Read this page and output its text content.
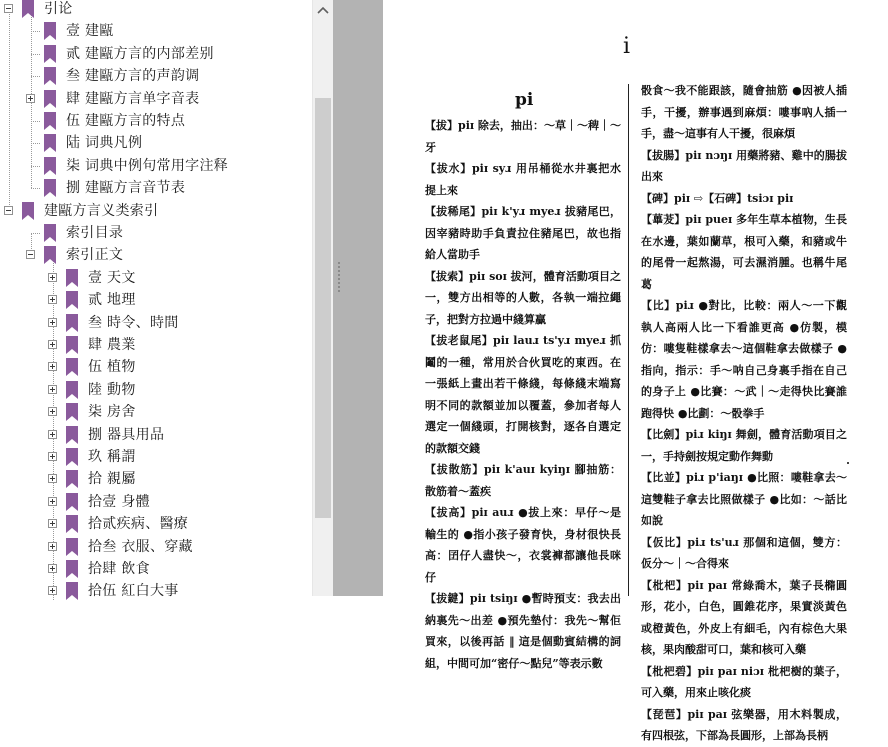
引论
壹 建甌
贰 建甌方言的内部差别
叁 建甌方言的声韵调
肆 建甌方言单字音表
伍 建甌方言的特点
陆 词典凡例
柒 词典中例句常用字注释
捌 建甌方言音节表
建甌方言义类索引
索引目录
索引正文
壹 天文
贰 地理
叁 時令、時間
肆 農業
伍 植物
陸 動物
柒 房舍
捌 器具用品
玖 稱謂
拾 親屬
拾壹 身體
拾贰疾病、醫療
拾叁 衣服、穿藏
拾肆 飲食
拾伍 紅白大事
i
pi

【拔】piɪ 除去，抽出：～草｜～稗｜～牙

【拔水】piɪ syɹ 用吊桶從水井裏把水提上來

【拔稀尾】piɪ k'yɹ myeɹ 拔豬尾巴，因宰豬時助手負責拉住豬尾巴，故也指給人當助手

【拔索】piɪ soɪ 拔河，體育活動項目之一，雙方出相等的人數，各執一端拉繩子，把對方拉過中綫算贏

【拔老鼠尾】piɪ lauɹ ts'yɹ myeɹ 抓鬮的一種，常用於合伙買吃的東西。在一張紙上畫出若干條綫，每條綫末端寫明不同的款額並加以覆蓋，參加者每人選定一個綫頭，打開核對，逐各自選定的款額交錢

【拔散筋】piɪ k'auɪ kyiŋɪ 腳抽筋：散筋着～蓋疾

【拔高】piɪ auɹ ●拔上來：早仔～是輸生的 ●指小孩子發育快，身材很快長高：囝仔人盡快～，衣裳褲都讓他長咪仔

【拔鍵】piɪ tsiŋɪ ●暫時預支：我去出納裏先～出差 ●預先墊付：我先～幫佢買來，以後再話 ‖ 這是個動賓結構的詞組，中間可加“密仔～點兒”等表示數

骰食～我不能跟該，隨會抽筋 ●因被人插手，干擾，辦事遇到麻煩：嘍事吶人插一手，盡～這事有人干擾，很麻煩

【拔腸】piɪ nɔŋɪ 用藥將豬、雞中的腸拔出來

【碑】piɪ ⇨【石碑】tsiɔɪ piɪ

【蓽茇】piɪ pueɪ 多年生草本植物，生長在水邊，葉如蘭草，根可入藥，和豬或牛的尾骨一起熬湯，可去濕消腫。也稱牛尾葛

【比】piɹ ●對比，比較：兩人～一下觀執人高兩人比一下看誰更高 ●仿製，模仿：嘍隻鞋樣拿去～這個鞋拿去做樣子 ●指向，指示：手～呐自己身裏手指在自己的身子上 ●比賽：～武｜～走得快比賽誰跑得快 ●比劃：～骰拳手

【比劍】piɹ kiŋɪ 舞劍，體育活動項目之一，手持劍按規定動作舞動

【比並】piɹ p'iaŋɪ ●比照：嘍鞋拿去～這雙鞋子拿去比照做樣子 ●比如：～話比如說

【仮比】piɹ ts'uɹ 那個和這個，雙方：仮分～｜～合得來

【枇杷】piɪ paɪ 常綠喬木，葉子長橢圓形，花小，白色，圓錐花序，果實淡黃色或橙黃色，外皮上有細毛，內有棕色大果核，果肉酸甜可口，葉和核可入藥

【枇杷碧】piɪ paɪ niɔɪ 枇杷樹的葉子，可入藥，用來止咳化痰

【琵琶】piɪ paɪ 弦樂器，用木料製成，有四根弦，下部為長圓形，上部為長柄
